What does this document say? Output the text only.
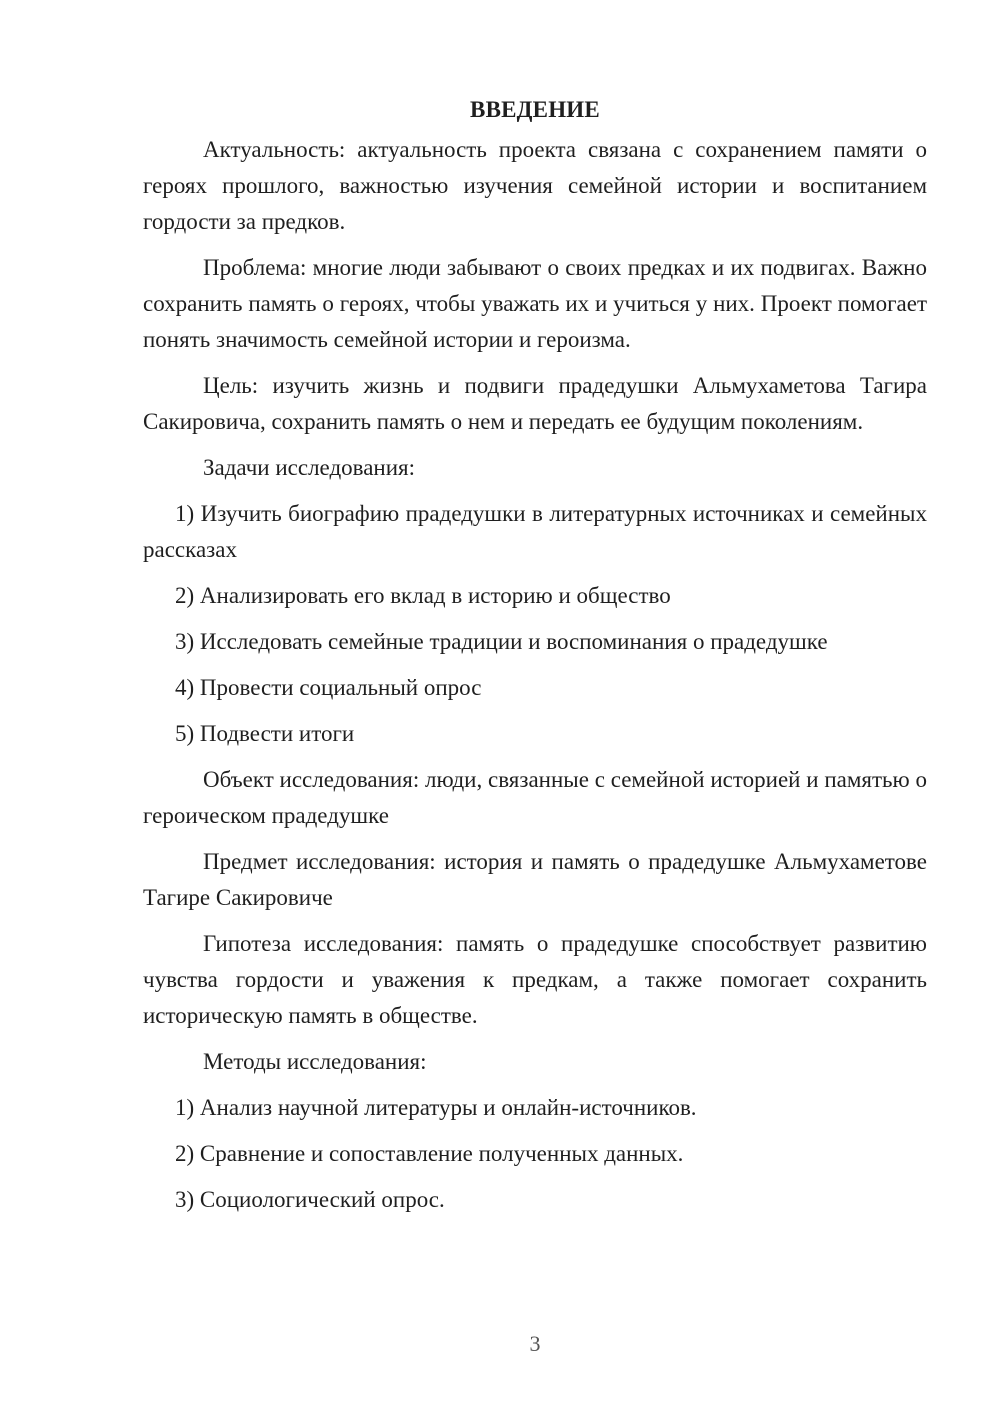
ВВЕДЕНИЕ
Актуальность: актуальность проекта связана с сохранением памяти о героях прошлого, важностью изучения семейной истории и воспитанием гордости за предков.
Проблема: многие люди забывают о своих предках и их подвигах. Важно сохранить память о героях, чтобы уважать их и учиться у них. Проект помогает понять значимость семейной истории и героизма.
Цель: изучить жизнь и подвиги прадедушки Альмухаметова Тагира Сакировича, сохранить память о нем и передать ее будущим поколениям.
Задачи исследования:
1) Изучить биографию прадедушки в литературных источниках и семейных рассказах
2) Анализировать его вклад в историю и общество
3) Исследовать семейные традиции и воспоминания о прадедушке
4) Провести социальный опрос
5) Подвести итоги
Объект исследования: люди, связанные с семейной историей и памятью о героическом прадедушке
Предмет исследования: история и память о прадедушке Альмухаметове Тагире Сакировиче
Гипотеза исследования: память о прадедушке способствует развитию чувства гордости и уважения к предкам, а также помогает сохранить историческую память в обществе.
Методы исследования:
1) Анализ научной литературы и онлайн-источников.
2) Сравнение и сопоставление полученных данных.
3) Социологический опрос.
3
